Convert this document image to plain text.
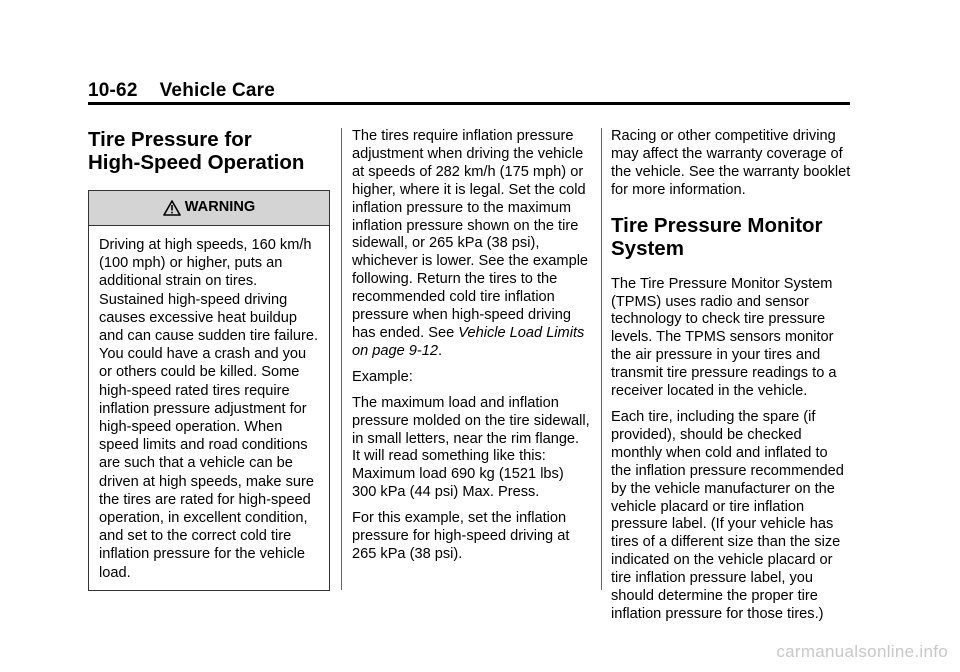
10-62 Vehicle Care
Tire Pressure for
High-Speed Operation
WARNING
Driving at high speeds, 160 km/h (100 mph) or higher, puts an additional strain on tires. Sustained high-speed driving causes excessive heat buildup and can cause sudden tire failure. You could have a crash and you or others could be killed. Some high-speed rated tires require inflation pressure adjustment for high-speed operation. When speed limits and road conditions are such that a vehicle can be driven at high speeds, make sure the tires are rated for high-speed operation, in excellent condition, and set to the correct cold tire inflation pressure for the vehicle load.

The tires require inflation pressure adjustment when driving the vehicle at speeds of 282 km/h (175 mph) or higher, where it is legal. Set the cold inflation pressure to the maximum inflation pressure shown on the tire sidewall, or 265 kPa (38 psi), whichever is lower. See the example following. Return the tires to the recommended cold tire inflation pressure when high-speed driving has ended. See Vehicle Load Limits on page 9-12.

Example:

The maximum load and inflation pressure molded on the tire sidewall, in small letters, near the rim flange. It will read something like this: Maximum load 690 kg (1521 lbs) 300 kPa (44 psi) Max. Press.

For this example, set the inflation pressure for high-speed driving at 265 kPa (38 psi).

Racing or other competitive driving may affect the warranty coverage of the vehicle. See the warranty booklet for more information.

Tire Pressure Monitor
System

The Tire Pressure Monitor System (TPMS) uses radio and sensor technology to check tire pressure levels. The TPMS sensors monitor the air pressure in your tires and transmit tire pressure readings to a receiver located in the vehicle.

Each tire, including the spare (if provided), should be checked monthly when cold and inflated to the inflation pressure recommended by the vehicle manufacturer on the vehicle placard or tire inflation pressure label. (If your vehicle has tires of a different size than the size indicated on the vehicle placard or tire inflation pressure label, you should determine the proper tire inflation pressure for those tires.)

carmanualsonline.info
